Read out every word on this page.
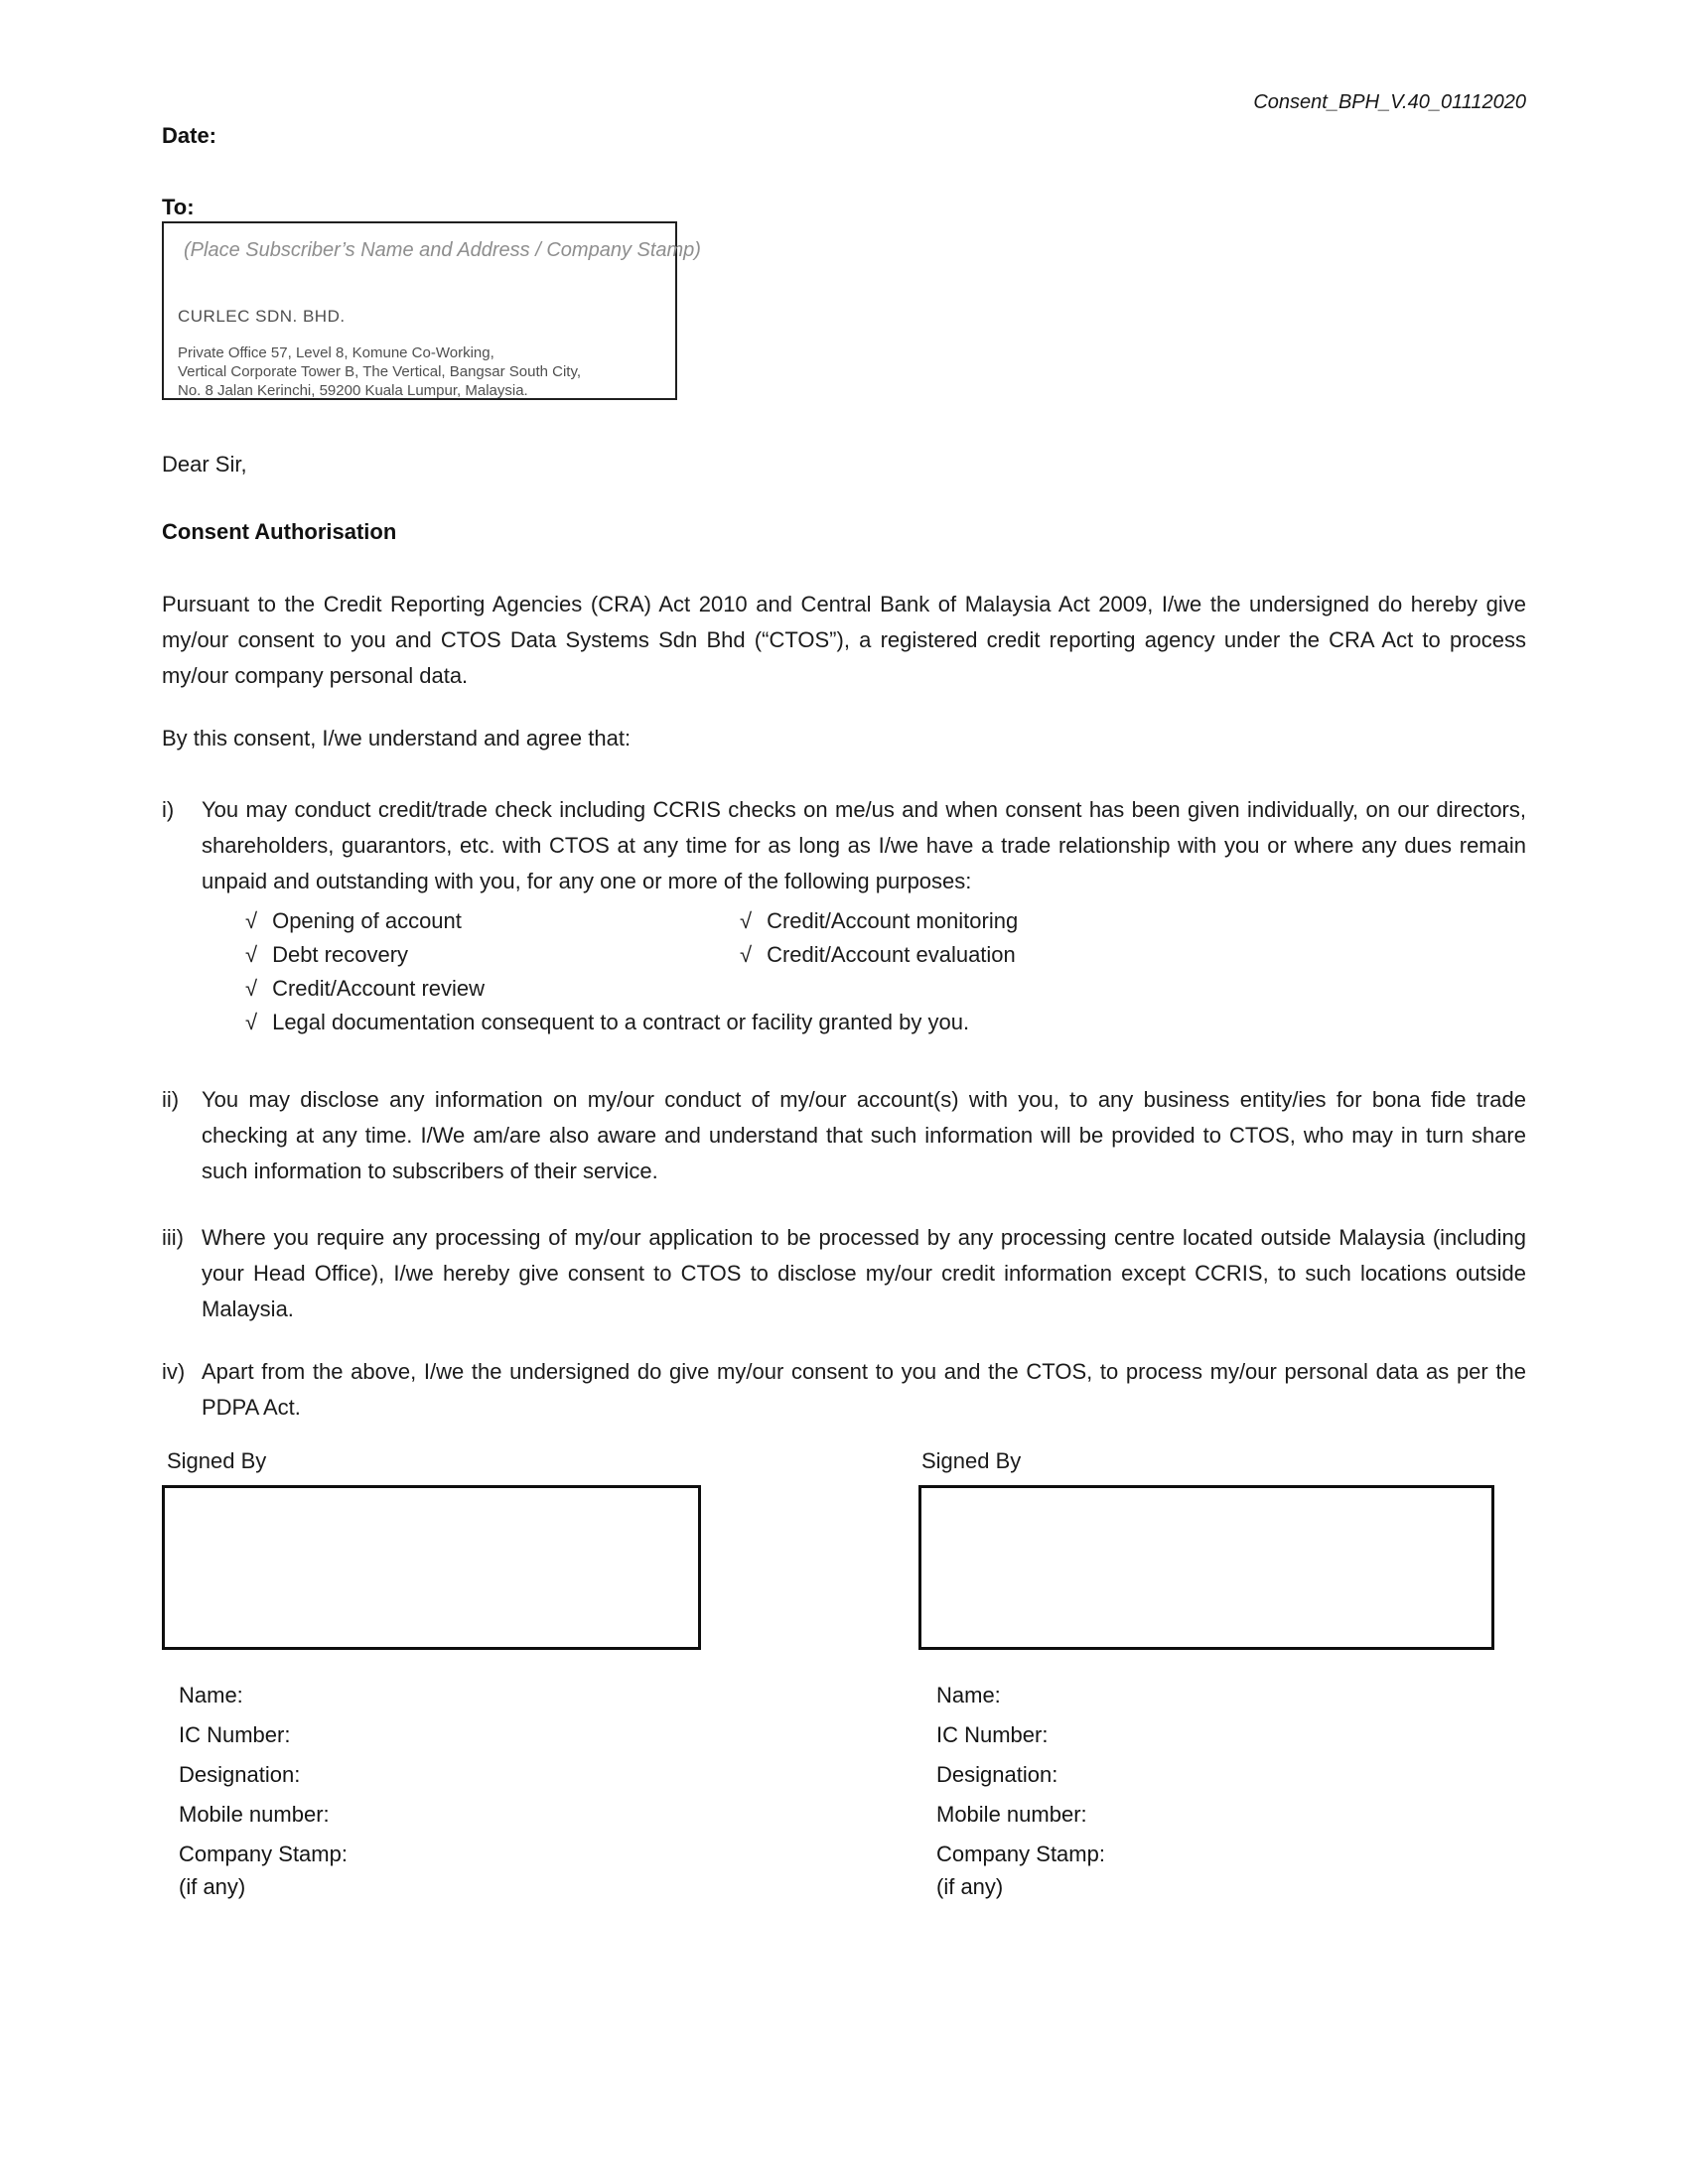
Consent_BPH_V.40_01112020
Date:
To:
(Place Subscriber’s Name and Address / Company Stamp)
CURLEC SDN. BHD.
Private Office 57, Level 8, Komune Co-Working,
Vertical Corporate Tower B, The Vertical, Bangsar South City,
No. 8 Jalan Kerinchi, 59200 Kuala Lumpur, Malaysia.
Dear Sir,
Consent Authorisation
Pursuant to the Credit Reporting Agencies (CRA) Act 2010 and Central Bank of Malaysia Act 2009, I/we the undersigned do hereby give my/our consent to you and CTOS Data Systems Sdn Bhd (“CTOS”), a registered credit reporting agency under the CRA Act to process my/our company personal data.
By this consent, I/we understand and agree that:
i)	You may conduct credit/trade check including CCRIS checks on me/us and when consent has been given individually, on our directors, shareholders, guarantors, etc. with CTOS at any time for as long as I/we have a trade relationship with you or where any dues remain unpaid and outstanding with you, for any one or more of the following purposes:
√ Opening of account	√ Credit/Account monitoring
√ Debt recovery	√ Credit/Account evaluation
√ Credit/Account review
√ Legal documentation consequent to a contract or facility granted by you.
ii)	You may disclose any information on my/our conduct of my/our account(s) with you, to any business entity/ies for bona fide trade checking at any time. I/We am/are also aware and understand that such information will be provided to CTOS, who may in turn share such information to subscribers of their service.
iii) Where you require any processing of my/our application to be processed by any processing centre located outside Malaysia (including your Head Office), I/we hereby give consent to CTOS to disclose my/our credit information except CCRIS, to such locations outside Malaysia.
iv) Apart from the above, I/we the undersigned do give my/our consent to you and the CTOS, to process my/our personal data as per the PDPA Act.
Signed By
Name:
IC Number:
Designation:
Mobile number:
Company Stamp:
(if any)
Signed By
Name:
IC Number:
Designation:
Mobile number:
Company Stamp:
(if any)
